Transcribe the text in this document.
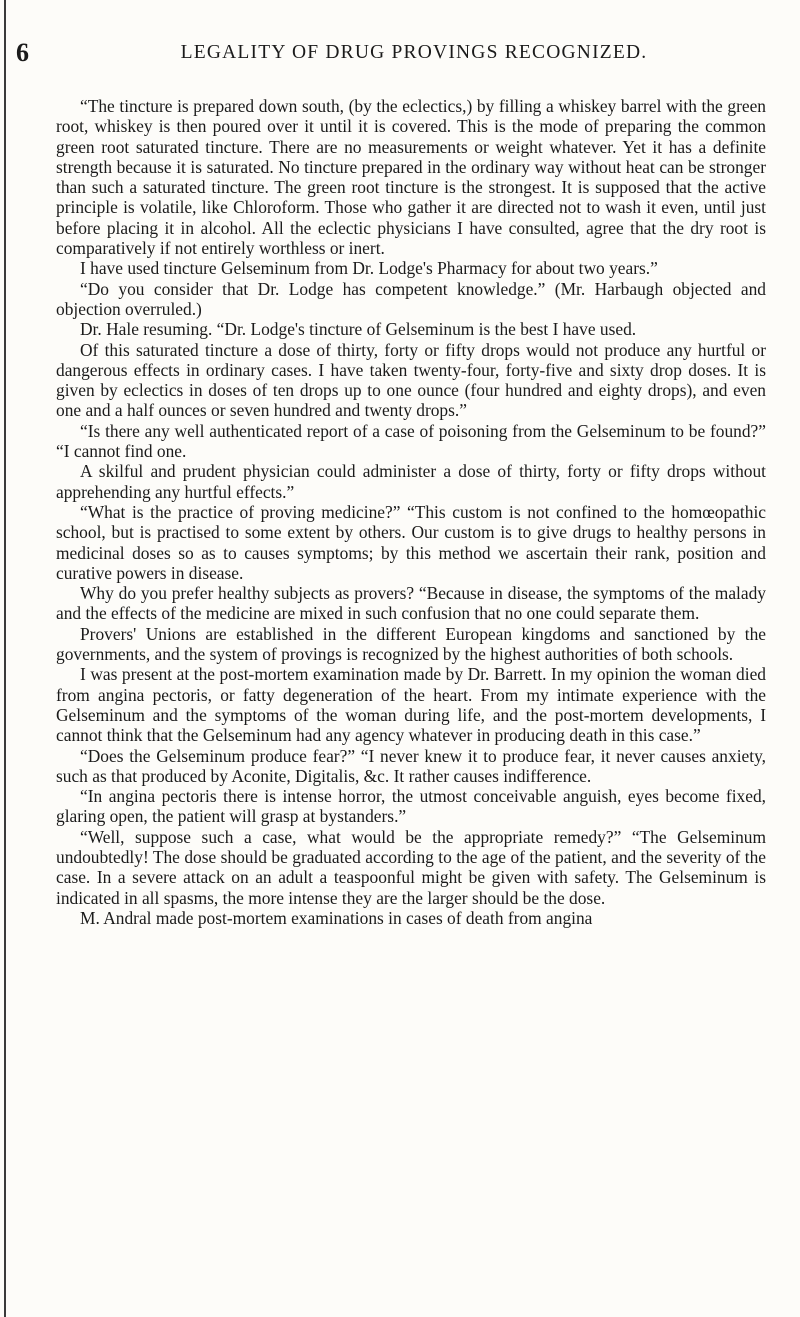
6	LEGALITY OF DRUG PROVINGS RECOGNIZED.

“The tincture is prepared down south, (by the eclectics,) by filling a whiskey barrel with the green root, whiskey is then poured over it until it is covered. This is the mode of preparing the common green root saturated tincture. There are no measurements or weight whatever. Yet it has a definite strength because it is saturated. No tincture prepared in the ordinary way without heat can be stronger than such a saturated tincture. The green root tincture is the strongest. It is supposed that the active principle is volatile, like Chloroform. Those who gather it are directed not to wash it even, until just before placing it in alcohol. All the eclectic physicians I have consulted, agree that the dry root is comparatively if not entirely worthless or inert.

I have used tincture Gelseminum from Dr. Lodge's Pharmacy for about two years.”

“Do you consider that Dr. Lodge has competent knowledge.” (Mr. Harbaugh objected and objection overruled.)

Dr. Hale resuming. “Dr. Lodge's tincture of Gelseminum is the best I have used.

Of this saturated tincture a dose of thirty, forty or fifty drops would not produce any hurtful or dangerous effects in ordinary cases. I have taken twenty-four, forty-five and sixty drop doses. It is given by eclectics in doses of ten drops up to one ounce (four hundred and eighty drops), and even one and a half ounces or seven hundred and twenty drops.”

“Is there any well authenticated report of a case of poisoning from the Gelseminum to be found?” “I cannot find one.

A skilful and prudent physician could administer a dose of thirty, forty or fifty drops without apprehending any hurtful effects.”

“What is the practice of proving medicine?” “This custom is not confined to the homœopathic school, but is practised to some extent by others. Our custom is to give drugs to healthy persons in medicinal doses so as to causes symptoms; by this method we ascertain their rank, position and curative powers in disease.

Why do you prefer healthy subjects as provers? “Because in disease, the symptoms of the malady and the effects of the medicine are mixed in such confusion that no one could separate them.

Provers' Unions are established in the different European kingdoms and sanctioned by the governments, and the system of provings is recognized by the highest authorities of both schools.

I was present at the post-mortem examination made by Dr. Barrett. In my opinion the woman died from angina pectoris, or fatty degeneration of the heart. From my intimate experience with the Gelseminum and the symptoms of the woman during life, and the post-mortem developments, I cannot think that the Gelseminum had any agency whatever in producing death in this case.”

“Does the Gelseminum produce fear?” “I never knew it to produce fear, it never causes anxiety, such as that produced by Aconite, Digitalis, &c. It rather causes indifference.

“In angina pectoris there is intense horror, the utmost conceivable anguish, eyes become fixed, glaring open, the patient will grasp at bystanders.”

“Well, suppose such a case, what would be the appropriate remedy?” “The Gelseminum undoubtedly! The dose should be graduated according to the age of the patient, and the severity of the case. In a severe attack on an adult a teaspoonful might be given with safety. The Gelseminum is indicated in all spasms, the more intense they are the larger should be the dose.

M. Andral made post-mortem examinations in cases of death from angina
